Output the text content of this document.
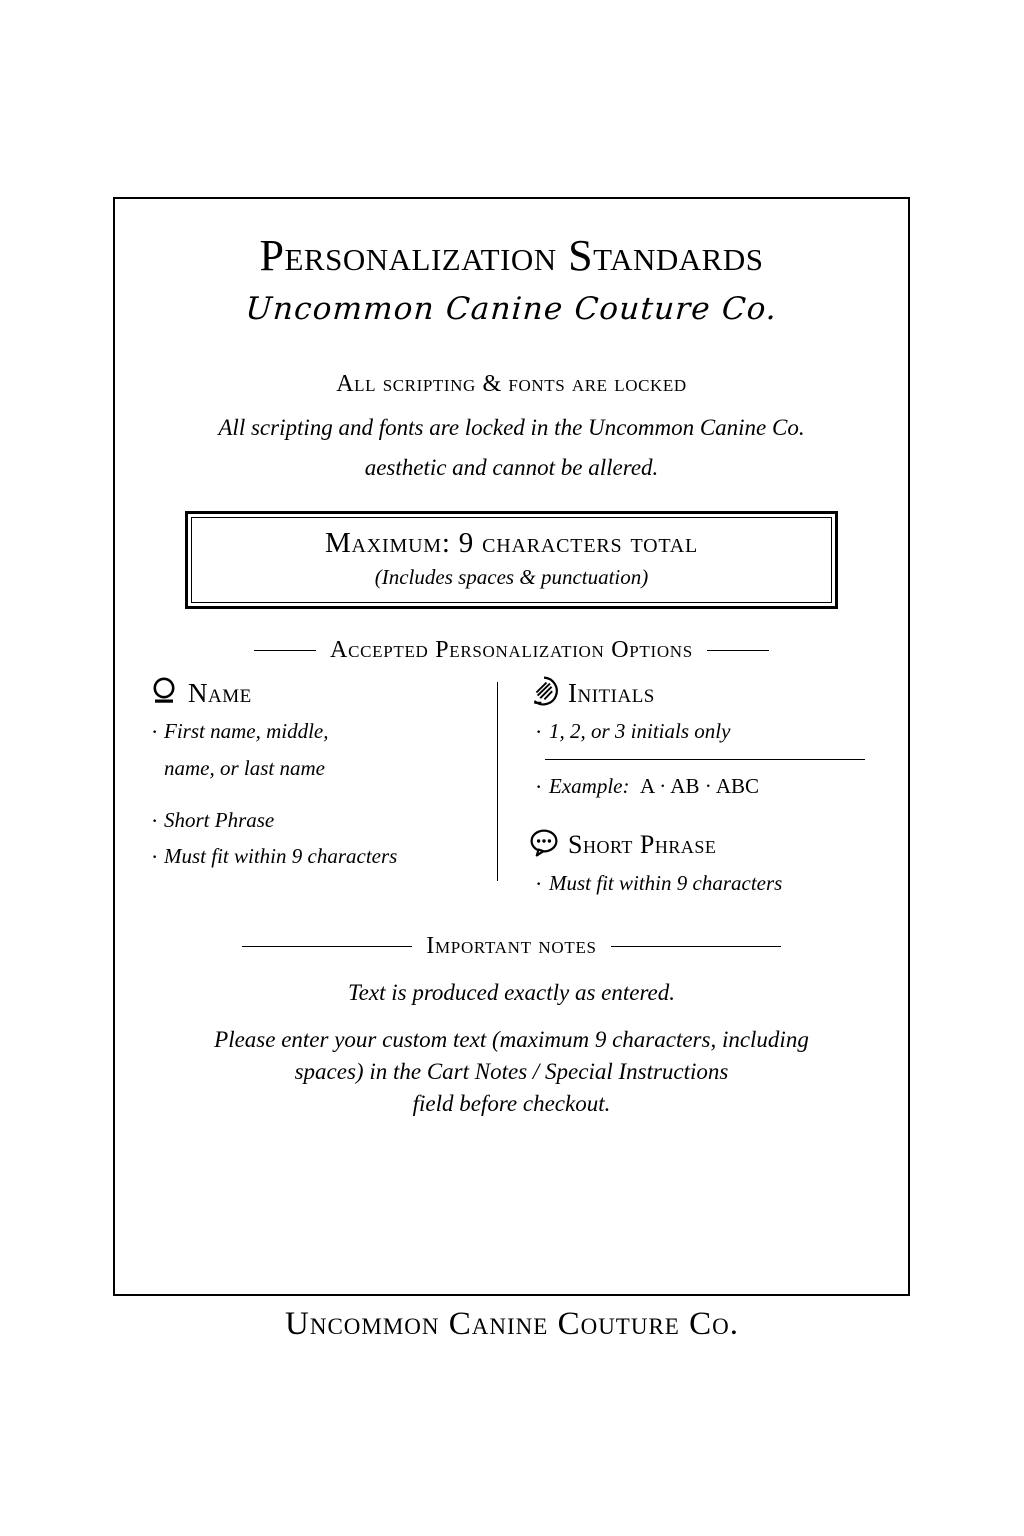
Personalization Standards
Uncommon Canine Couture Co.
All scripting & fonts are locked
All scripting and fonts are locked in the Uncommon Canine Co.
aesthetic and cannot be allered.
Maximum: 9 characters total
(Includes spaces & punctuation)
Accepted Personalization Options
Name
· First name, middle,
name, or last name
· Short Phrase
· Must fit within 9 characters
Initials
· 1, 2, or 3 initials only
· Example: A · AB · ABC
Short Phrase
· Must fit within 9 characters
Important notes
Text is produced exactly as entered.
Please enter your custom text (maximum 9 characters, including
spaces) in the Cart Notes / Special Instructions
field before checkout.
Uncommon Canine Couture Co.
